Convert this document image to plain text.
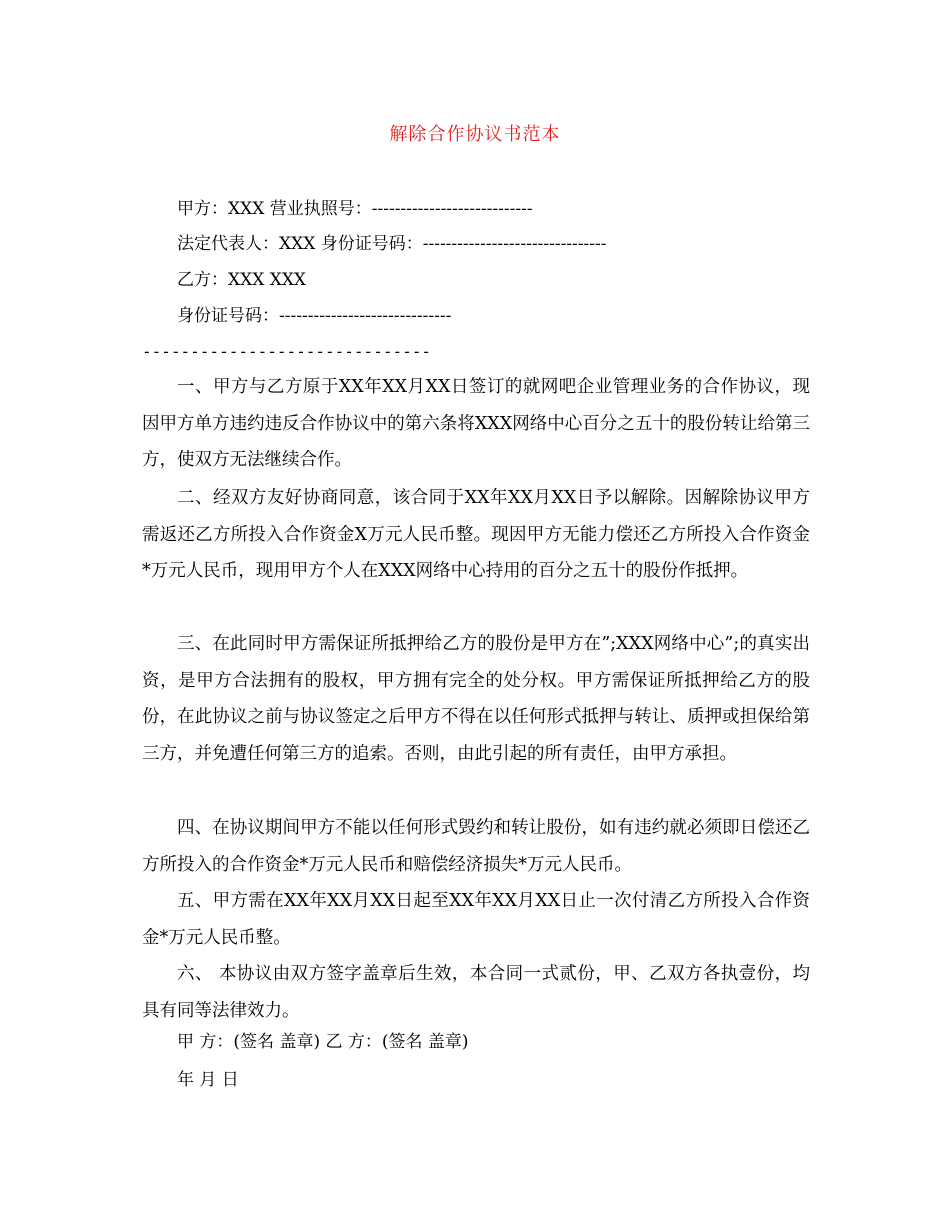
解除合作协议书范本
甲方：XXX 营业执照号：----------------------------
法定代表人：XXX 身份证号码：--------------------------------
乙方：XXX XXX
身份证号码：------------------------------
------------------------------

一、甲方与乙方原于XX年XX月XX日签订的就网吧企业管理业务的合作协议，现因甲方单方违约违反合作协议中的第六条将XXX网络中心百分之五十的股份转让给第三方，使双方无法继续合作。

二、经双方友好协商同意，该合同于XX年XX月XX日予以解除。因解除协议甲方需返还乙方所投入合作资金X万元人民币整。现因甲方无能力偿还乙方所投入合作资金*万元人民币，现用甲方个人在XXX网络中心持用的百分之五十的股份作抵押。

三、在此同时甲方需保证所抵押给乙方的股份是甲方在”;XXX网络中心”;的真实出资，是甲方合法拥有的股权，甲方拥有完全的处分权。甲方需保证所抵押给乙方的股份，在此协议之前与协议签定之后甲方不得在以任何形式抵押与转让、质押或担保给第三方，并免遭任何第三方的追索。否则，由此引起的所有责任，由甲方承担。

四、在协议期间甲方不能以任何形式毁约和转让股份，如有违约就必须即日偿还乙方所投入的合作资金*万元人民币和赔偿经济损失*万元人民币。

五、甲方需在XX年XX月XX日起至XX年XX月XX日止一次付清乙方所投入合作资金*万元人民币整。

六、 本协议由双方签字盖章后生效，本合同一式贰份，甲、乙双方各执壹份，均具有同等法律效力。

甲 方：(签名 盖章) 乙 方：(签名 盖章)
年 月 日
